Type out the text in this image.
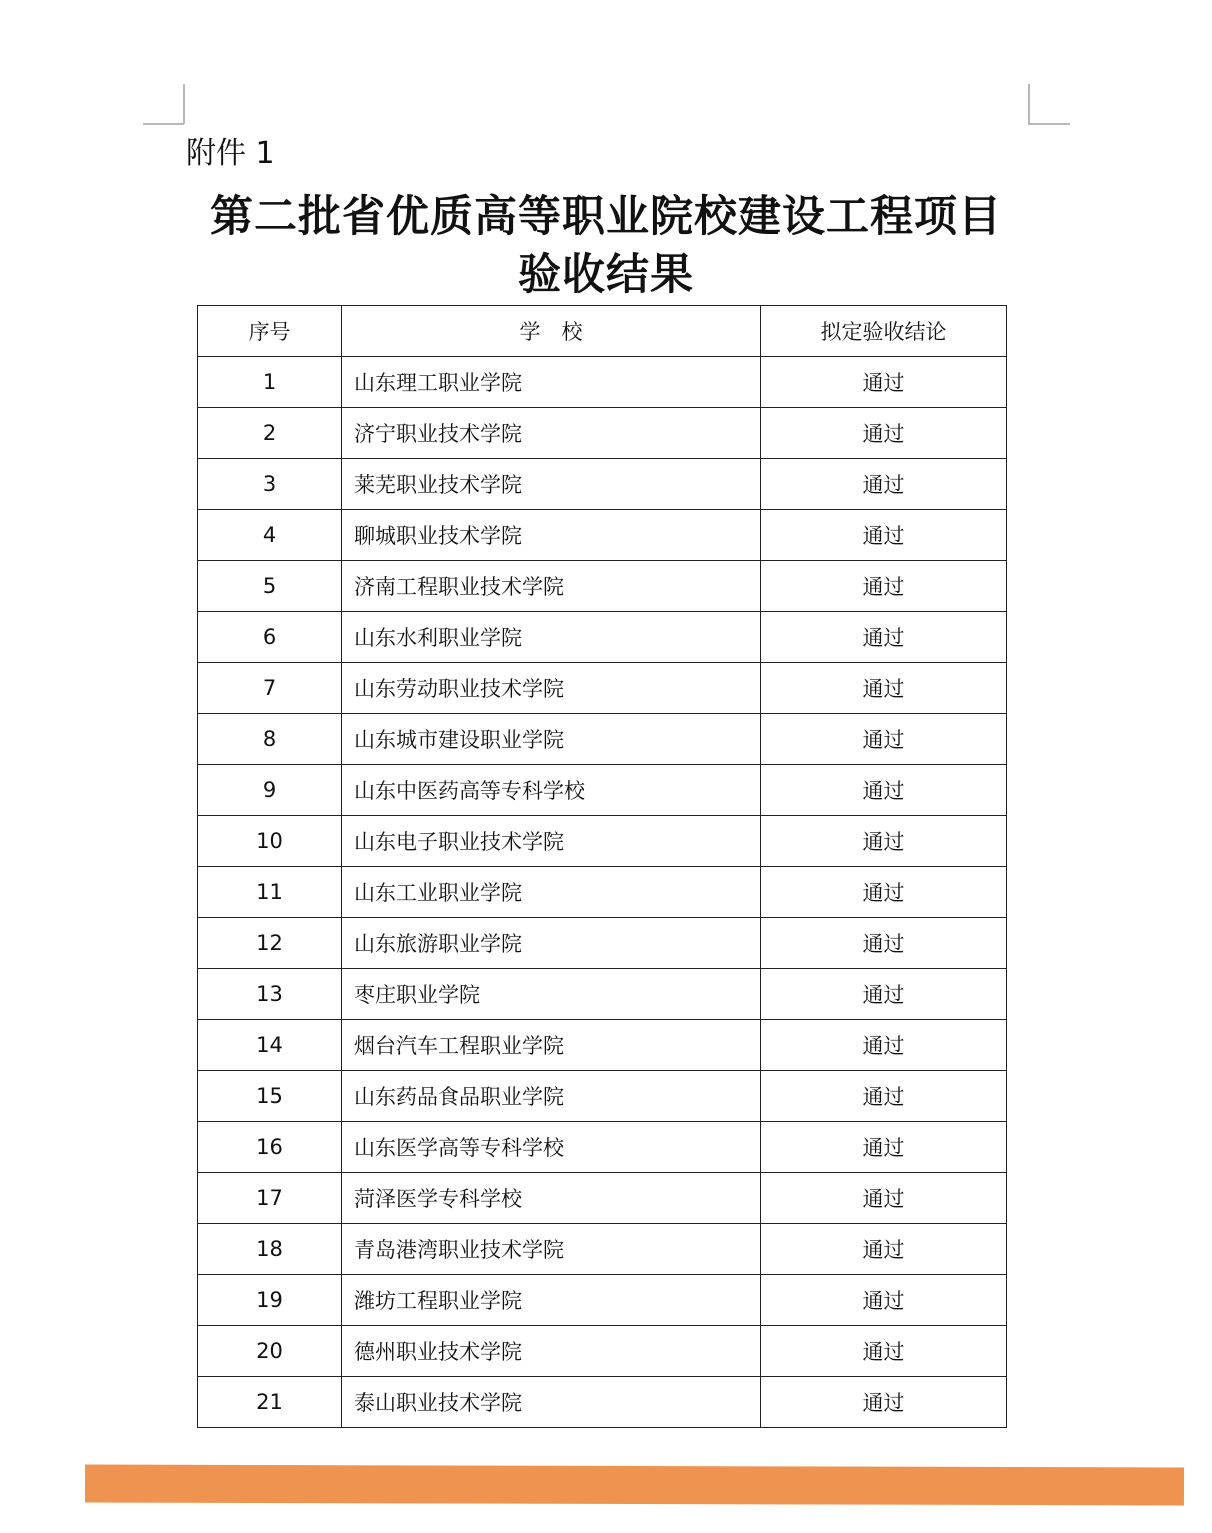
附件 1
第二批省优质高等职业院校建设工程项目
验收结果
序号	学　校	拟定验收结论
1	山东理工职业学院	通过
2	济宁职业技术学院	通过
3	莱芜职业技术学院	通过
4	聊城职业技术学院	通过
5	济南工程职业技术学院	通过
6	山东水利职业学院	通过
7	山东劳动职业技术学院	通过
8	山东城市建设职业学院	通过
9	山东中医药高等专科学校	通过
10	山东电子职业技术学院	通过
11	山东工业职业学院	通过
12	山东旅游职业学院	通过
13	枣庄职业学院	通过
14	烟台汽车工程职业学院	通过
15	山东药品食品职业学院	通过
16	山东医学高等专科学校	通过
17	菏泽医学专科学校	通过
18	青岛港湾职业技术学院	通过
19	潍坊工程职业学院	通过
20	德州职业技术学院	通过
21	泰山职业技术学院	通过
